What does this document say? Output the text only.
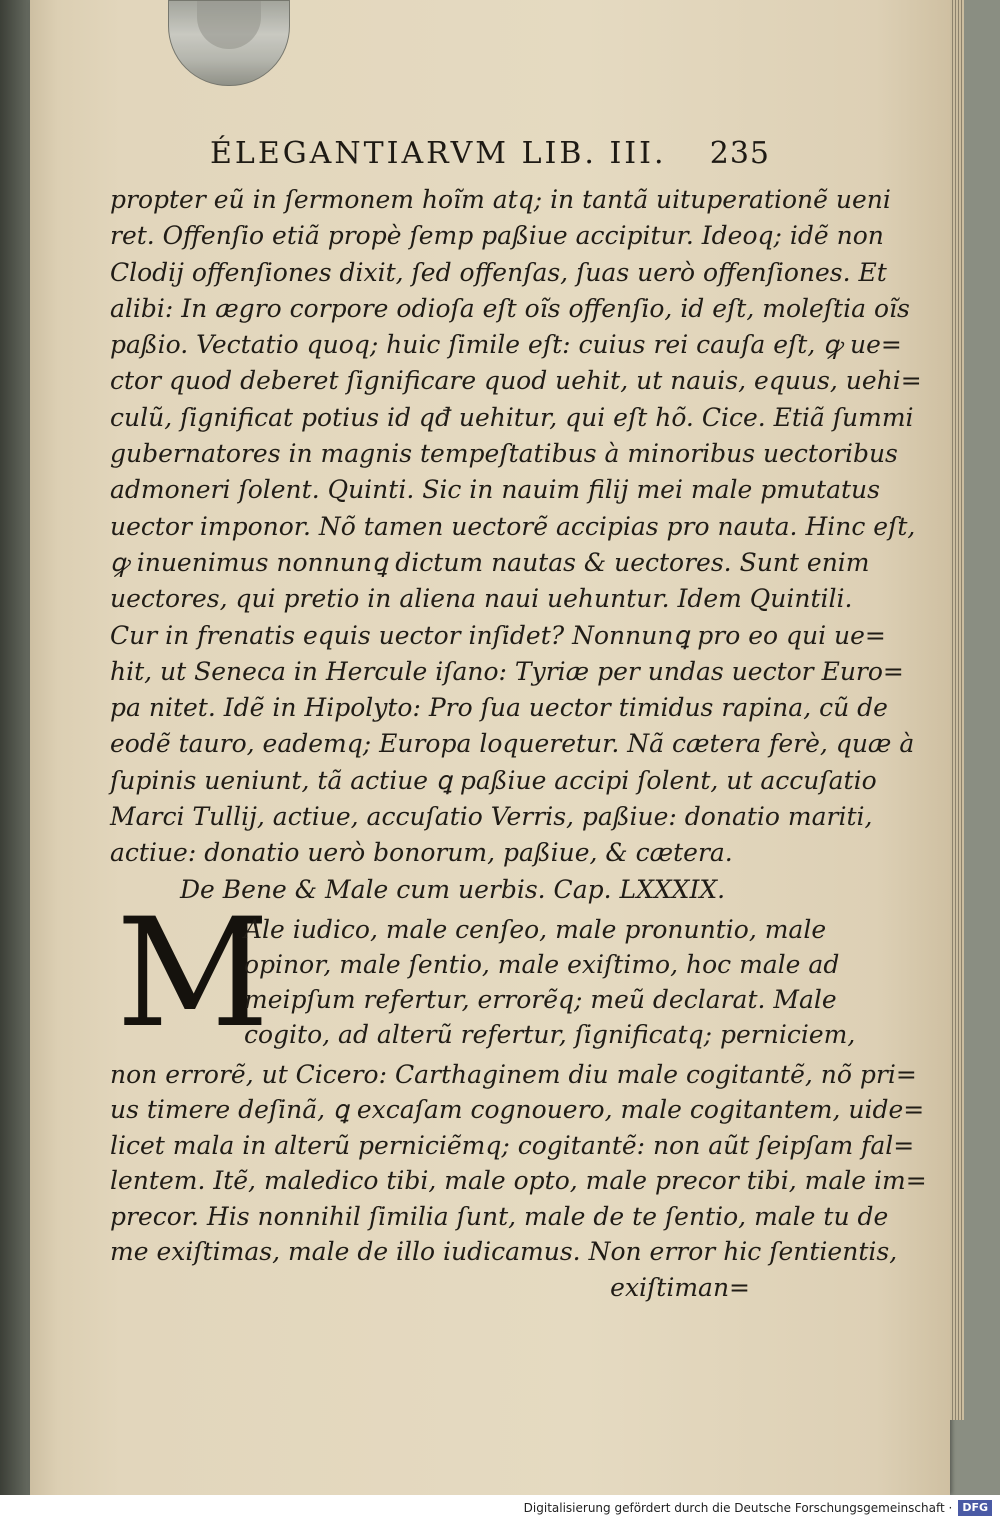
ÉLEGANTIARVM LIB. III. 235
propter eũ in ſermonem hoı̃m atq; in tantã uituperationẽ ueni
ret. Offenſio etiã propè ſemp paßiue accipitur. Ideoq; idẽ non
Clodij offenſiones dixit, ſed offenſas, ſuas uerò offenſiones. Et
alibi: In ægro corpore odioſa eſt oı̃s offenſio, id eſt, moleſtia oı̃s
paßio. Vectatio quoq; huic ſimile eſt: cuius rei cauſa eſt, ꝙ ue=
ctor quod deberet ſignificare quod uehit, ut nauis, equus, uehi=
culũ, ſignificat potius id qđ uehitur, qui eſt hõ. Cice. Etiã ſummi
gubernatores in magnis tempeſtatibus à minoribus uectoribus
admoneri ſolent. Quinti. Sic in nauim filij mei male pmutatus
uector imponor. Nõ tamen uectorẽ accipias pro nauta. Hinc eſt,
ꝙ inuenimus nonnunꝗ dictum nautas & uectores. Sunt enim
uectores, qui pretio in aliena naui uehuntur. Idem Quintili.
Cur in frenatis equis uector inſidet? Nonnunꝗ pro eo qui ue=
hit, ut Seneca in Hercule iſano: Tyriæ per undas uector Euro=
pa nitet. Idẽ in Hipolyto: Pro ſua uector timidus rapina, cũ de
eodẽ tauro, eademq; Europa loqueretur. Nã cætera ferè, quæ à
ſupinis ueniunt, tã actiue ꝗ paßiue accipi ſolent, ut accuſatio
Marci Tullij, actiue, accuſatio Verris, paßiue: donatio mariti,
actiue: donatio uerò bonorum, paßiue, & cætera.
De Bene & Male cum uerbis. Cap. LXXXIX.
M
Ale iudico, male cenſeo, male pronuntio, male
opinor, male ſentio, male exiſtimo, hoc male ad
meipſum refertur, errorẽq; meũ declarat. Male
cogito, ad alterũ refertur, ſignificatq; perniciem,
non errorẽ, ut Cicero: Carthaginem diu male cogitantẽ, nõ pri=
us timere deſinã, ꝗ excaſam cognouero, male cogitantem, uide=
licet mala in alterũ perniciẽmq; cogitantẽ: non aũt ſeipſam fal=
lentem. Itẽ, maledico tibi, male opto, male precor tibi, male im=
precor. His nonnihil ſimilia ſunt, male de te ſentio, male tu de
me exiſtimas, male de illo iudicamus. Non error hic ſentientis,
exiſtiman=
Digitalisierung gefördert durch die Deutsche Forschungsgemeinschaft · DFG
